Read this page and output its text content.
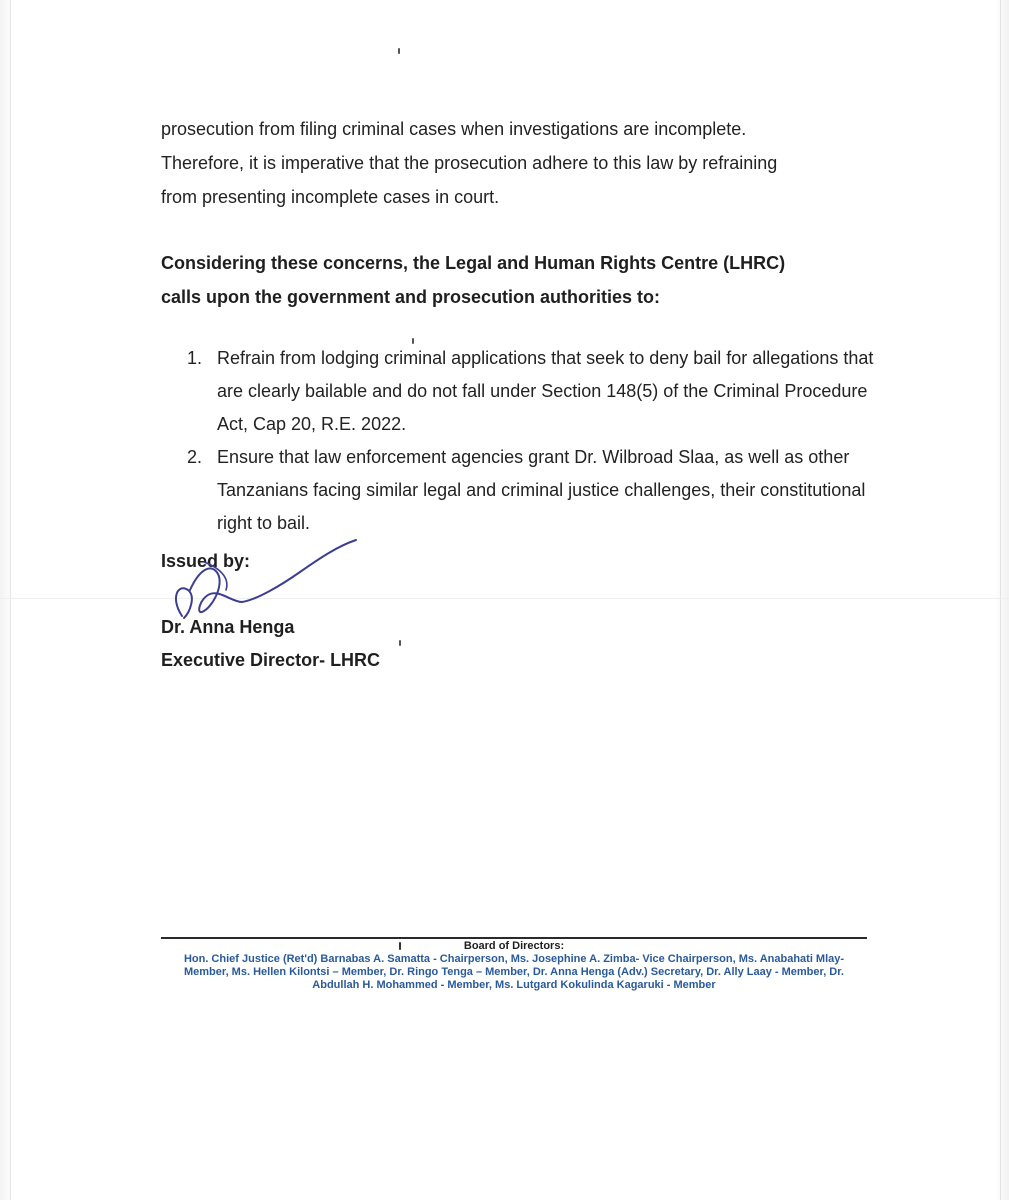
prosecution from filing criminal cases when investigations are incomplete.
Therefore, it is imperative that the prosecution adhere to this law by refraining
from presenting incomplete cases in court.
Considering these concerns, the Legal and Human Rights Centre (LHRC)
calls upon the government and prosecution authorities to:
1. Refrain from lodging criminal applications that seek to deny bail for allegations that are clearly bailable and do not fall under Section 148(5) of the Criminal Procedure Act, Cap 20, R.E. 2022.
2. Ensure that law enforcement agencies grant Dr. Wilbroad Slaa, as well as other Tanzanians facing similar legal and criminal justice challenges, their constitutional right to bail.
Issued by:
Dr. Anna Henga
Executive Director- LHRC
Board of Directors:
Hon. Chief Justice (Ret'd) Barnabas A. Samatta - Chairperson, Ms. Josephine A. Zimba- Vice Chairperson, Ms. Anabahati Mlay- Member, Ms. Hellen Kilontsi – Member, Dr. Ringo Tenga – Member, Dr. Anna Henga (Adv.) Secretary, Dr. Ally Laay - Member, Dr. Abdullah H. Mohammed - Member, Ms. Lutgard Kokulinda Kagaruki - Member
